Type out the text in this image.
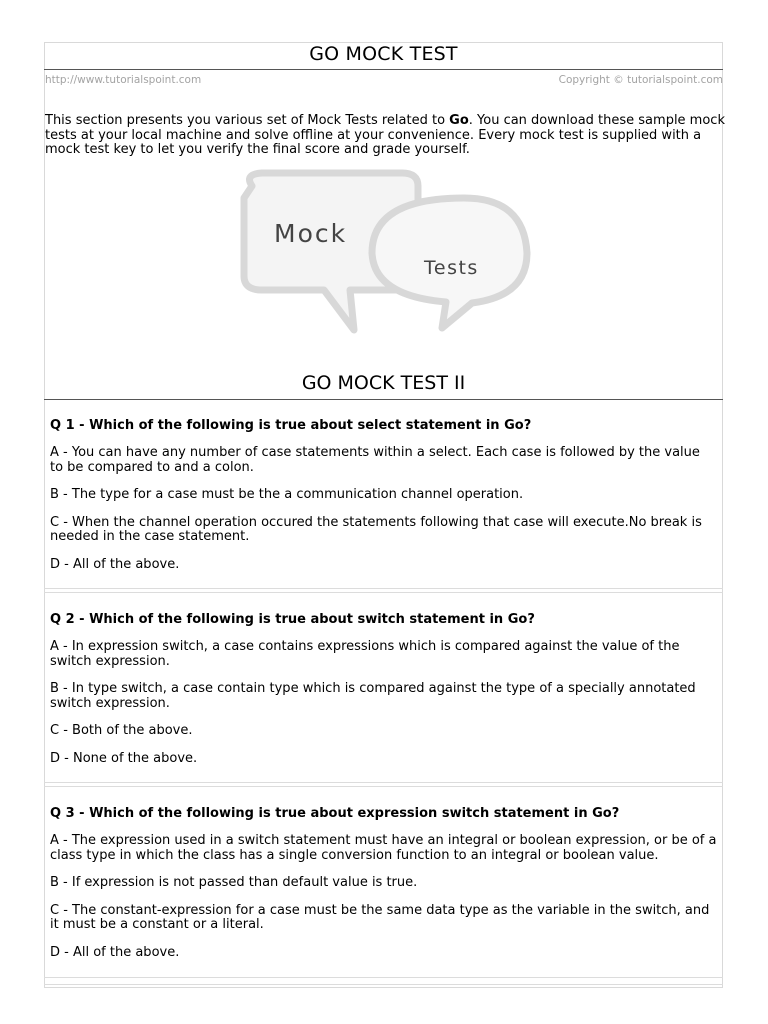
GO MOCK TEST
http://www.tutorialspoint.com	Copyright © tutorialspoint.com
This section presents you various set of Mock Tests related to Go. You can download these sample mock tests at your local machine and solve offline at your convenience. Every mock test is supplied with a mock test key to let you verify the final score and grade yourself.
Mock
Tests
GO MOCK TEST II

Q 1 - Which of the following is true about select statement in Go?

A - You can have any number of case statements within a select. Each case is followed by the value to be compared to and a colon.

B - The type for a case must be the a communication channel operation.

C - When the channel operation occured the statements following that case will execute.No break is needed in the case statement.

D - All of the above.

Q 2 - Which of the following is true about switch statement in Go?

A - In expression switch, a case contains expressions which is compared against the value of the switch expression.

B - In type switch, a case contain type which is compared against the type of a specially annotated switch expression.

C - Both of the above.

D - None of the above.

Q 3 - Which of the following is true about expression switch statement in Go?

A - The expression used in a switch statement must have an integral or boolean expression, or be of a class type in which the class has a single conversion function to an integral or boolean value.

B - If expression is not passed than default value is true.

C - The constant-expression for a case must be the same data type as the variable in the switch, and it must be a constant or a literal.

D - All of the above.
